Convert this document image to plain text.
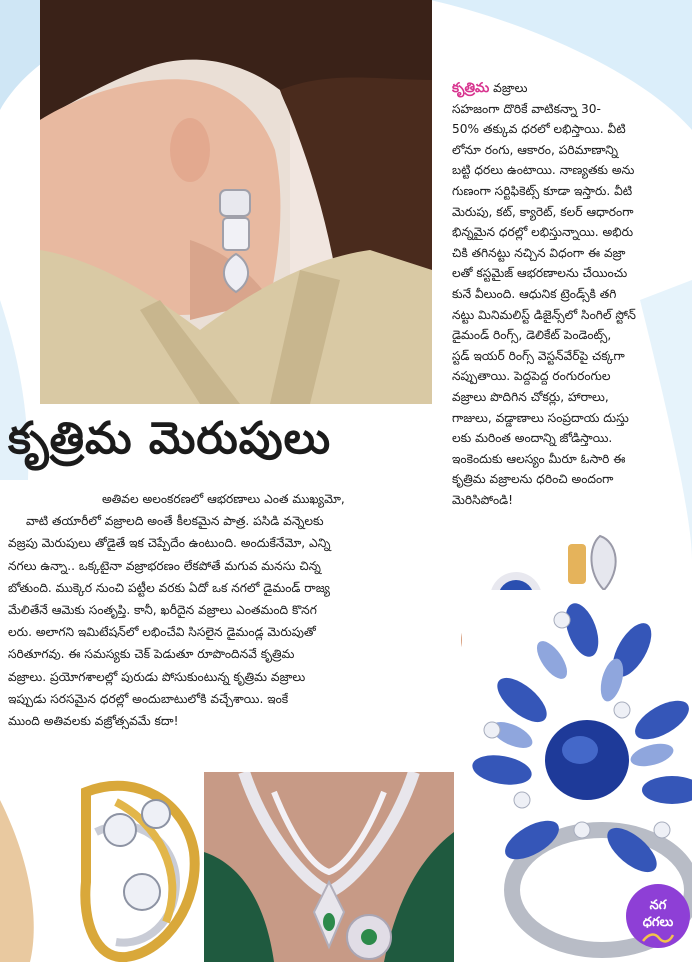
కృత్రిమ వజ్రాలు
సహజంగా దొరికే వాటికన్నా 30-
50% తక్కువ ధరలో లభిస్తాయి. వీటి
లోనూ రంగు, ఆకారం, పరిమాణాన్ని
బట్టి ధరలు ఉంటాయి. నాణ్యతకు అను
గుణంగా సర్టిఫికెట్స్ కూడా ఇస్తారు. వీటి
మెరుపు, కట్, క్యారెట్, కలర్ ఆధారంగా
భిన్నమైన ధరల్లో లభిస్తున్నాయి. అభిరు
చికి తగినట్టు నచ్చిన విధంగా ఈ వజ్రా
లతో కస్టమైజ్ ఆభరణాలను చేయించు
కునే వీలుంది. ఆధునిక ట్రెండ్స్‌కి తగి
నట్టు మినిమలిస్ట్ డిజైన్స్‌లో సింగిల్ స్టోన్
డైమండ్ రింగ్స్, డెలికేట్ పెండెంట్స్,
స్టడ్ ఇయర్ రింగ్స్ వెస్టన్‌వేర్‌పై చక్కగా
నప్పుతాయి. పెద్దపెద్ద రంగురంగుల
వజ్రాలు పొదిగిన చోకర్లు, హారాలు,
గాజులు, వడ్డాణాలు సంప్రదాయ దుస్తు
లకు మరింత అందాన్ని జోడిస్తాయి.
ఇంకెందుకు ఆలస్యం మీరూ ఓసారి ఈ
కృత్రిమ వజ్రాలను ధరించి అందంగా
మెరిసిపోండి!
కృత్రిమ మెరుపులు
అతివల అలంకరణలో ఆభరణాలు ఎంత ముఖ్యమో,
వాటి తయారీలో వజ్రాలది అంతే కీలకమైన పాత్ర. పసిడి వన్నెలకు
వజ్రపు మెరుపులు తోడైతే ఇక చెప్పేదేం ఉంటుంది. అందుకేనేమో, ఎన్ని
నగలు ఉన్నా.. ఒక్కటైనా వజ్రాభరణం లేకపోతే మగువ మనసు చిన్న
బోతుంది. ముక్కెర నుంచి పట్టీల వరకు ఏదో ఒక నగలో డైమండ్ రాజ్య
మేలితేనే ఆమెకు సంతృప్తి. కానీ, ఖరీదైన వజ్రాలు ఎంతమంది కొనగ
లరు. అలాగని ఇమిటేషన్‌లో లభించేవి సిసలైన డైమండ్ల మెరుపుతో
సరితూగవు. ఈ సమస్యకు చెక్ పెడుతూ రూపొందినవే కృత్రిమ
వజ్రాలు. ప్రయోగశాలల్లో పురుడు పోసుకుంటున్న కృత్రిమ వజ్రాలు
ఇప్పుడు సరసమైన ధరల్లో అందుబాటులోకి వచ్చేశాయి. ఇంకే
ముంది అతివలకు వజ్రోత్సవమే కదా!
నగ
ధగలు
